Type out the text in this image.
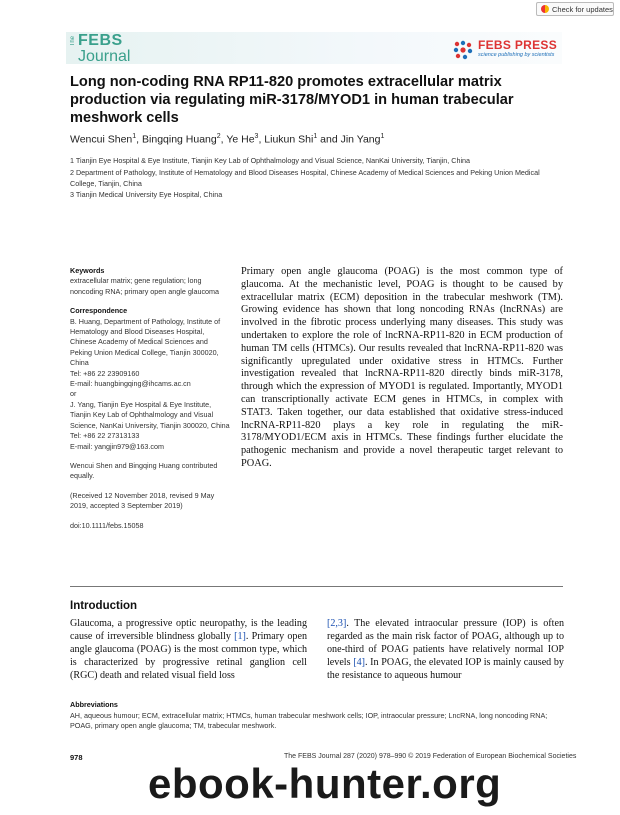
Check for updates
The FEBS
Journal
FEBS PRESS
science publishing by scientists
Long non-coding RNA RP11-820 promotes extracellular matrix production via regulating miR-3178/MYOD1 in human trabecular meshwork cells
Wencui Shen$^1$, Bingqing Huang$^2$, Ye He$^3$, Liukun Shi$^1$ and Jin Yang$^1$
1 Tianjin Eye Hospital & Eye Institute, Tianjin Key Lab of Ophthalmology and Visual Science, NanKai University, Tianjin, China
2 Department of Pathology, Institute of Hematology and Blood Diseases Hospital, Chinese Academy of Medical Sciences and Peking Union Medical College, Tianjin, China
3 Tianjin Medical University Eye Hospital, China

Keywords

extracellular matrix; gene regulation; long noncoding RNA; primary open angle glaucoma

Correspondence

B. Huang, Department of Pathology, Institute of Hematology and Blood Diseases Hospital, Chinese Academy of Medical Sciences and Peking Union Medical College, Tianjin 300020, China

Tel: +86 22 23909160

E-mail: huangbingqing@ihcams.ac.cn

or

J. Yang, Tianjin Eye Hospital & Eye Institute, Tianjin Key Lab of Ophthalmology and Visual Science, NanKai University, Tianjin 300020, China

Tel: +86 22 27313133

E-mail: yangjin979@163.com

Wencui Shen and Bingqing Huang contributed equally.

(Received 12 November 2018, revised 9 May 2019, accepted 3 September 2019)

doi:10.1111/febs.15058

Primary open angle glaucoma (POAG) is the most common type of glaucoma. At the mechanistic level, POAG is thought to be caused by extracellular matrix (ECM) deposition in the trabecular meshwork (TM). Growing evidence has shown that long noncoding RNAs (lncRNAs) are involved in the fibrotic process underlying many diseases. This study was undertaken to explore the role of lncRNA-RP11-820 in ECM production of human TM cells (HTMCs). Our results revealed that lncRNA-RP11-820 was significantly upregulated under oxidative stress in HTMCs. Further investigation revealed that lncRNA-RP11-820 directly binds miR-3178, through which the expression of MYOD1 is regulated. Importantly, MYOD1 can transcriptionally activate ECM genes in HTMCs, in complex with STAT3. Taken together, our data established that oxidative stress-induced lncRNA-RP11-820 plays a key role in regulating the miR-3178/MYOD1/ECM axis in HTMCs. These findings further elucidate the pathogenic mechanism and provide a novel therapeutic target relevant to POAG.
Introduction
Glaucoma, a progressive optic neuropathy, is the leading cause of irreversible blindness globally [1]. Primary open angle glaucoma (POAG) is the most common type, which is characterized by progressive retinal ganglion cell (RGC) death and related visual field loss
[2,3]. The elevated intraocular pressure (IOP) is often regarded as the main risk factor of POAG, although up to one-third of POAG patients have relatively normal IOP levels [4]. In POAG, the elevated IOP is mainly caused by the resistance to aqueous humour
Abbreviations
AH, aqueous humour; ECM, extracellular matrix; HTMCs, human trabecular meshwork cells; IOP, intraocular pressure; LncRNA, long noncoding RNA; POAG, primary open angle glaucoma; TM, trabecular meshwork.
978	The FEBS Journal 287 (2020) 978–990 © 2019 Federation of European Biochemical Societies
ebook-hunter.org
